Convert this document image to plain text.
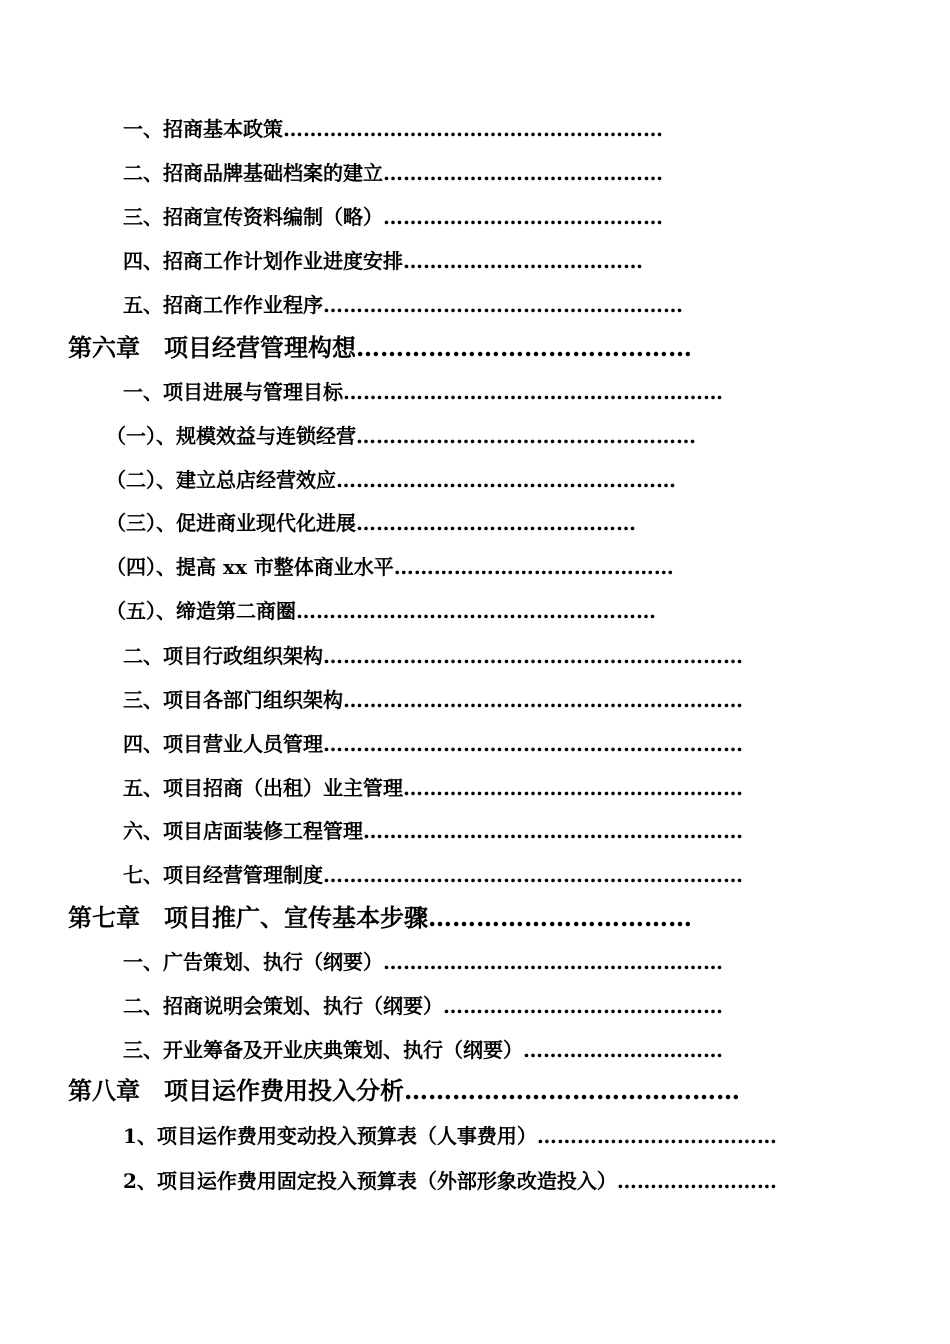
一、招商基本政策…………………………………………………
二、招商品牌基础档案的建立……………………………………
三、招商宣传资料编制（略）……………………………………
四、招商工作计划作业进度安排………………………………
五、招商工作作业程序………………………………………………
第六章　项目经营管理构想……………………………………
一、项目进展与管理目标…………………………………………………
（一）、规模效益与连锁经营……………………………………………
（二）、建立总店经营效应……………………………………………
（三）、促进商业现代化进展……………………………………
（四）、提高 xx 市整体商业水平……………………………………
（五）、缔造第二商圈………………………………………………
二、项目行政组织架构………………………………………………………
三、项目各部门组织架构……………………………………………………
四、项目营业人员管理………………………………………………………
五、项目招商（出租）业主管理……………………………………………
六、项目店面装修工程管理…………………………………………………
七、项目经营管理制度………………………………………………………
第七章　项目推广、宣传基本步骤……………………………
一、广告策划、执行（纲要）……………………………………………
二、招商说明会策划、执行（纲要）……………………………………
三、开业筹备及开业庆典策划、执行（纲要）…………………………
第八章　项目运作费用投入分析……………………………………
1、项目运作费用变动投入预算表（人事费用）………………………………
2、项目运作费用固定投入预算表（外部形象改造投入）……………………
